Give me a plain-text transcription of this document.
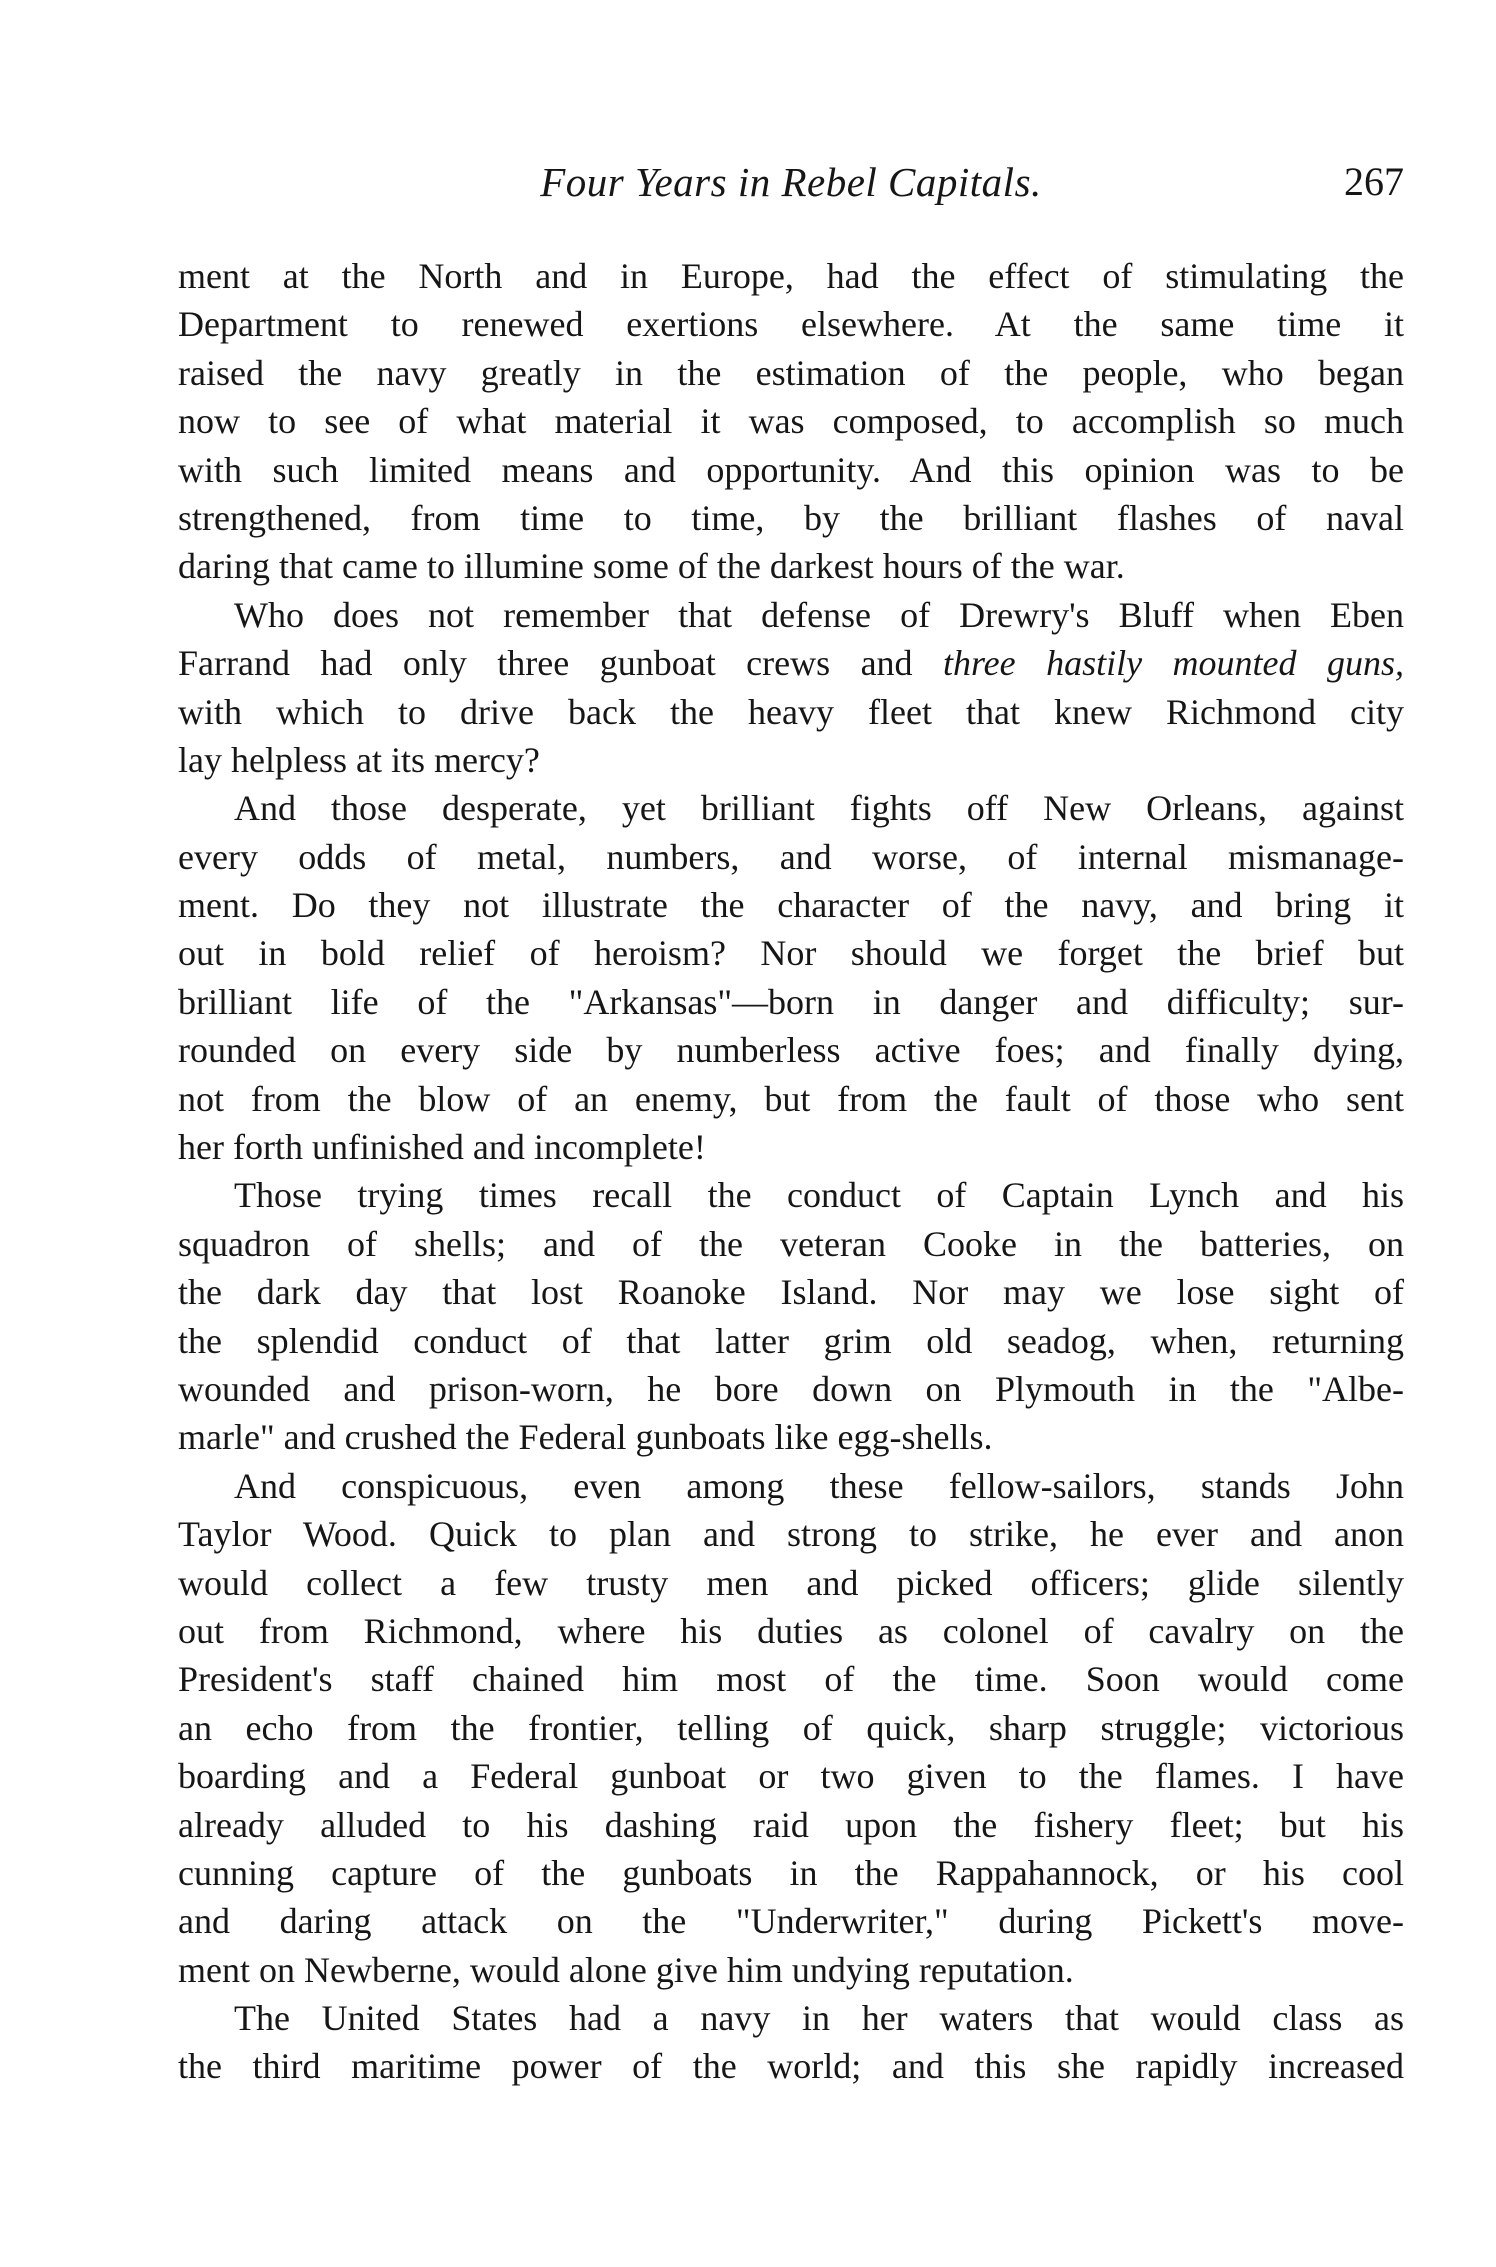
Four Years in Rebel Capitals.	267
ment at the North and in Europe, had the effect of stimulating the
Department to renewed exertions elsewhere. At the same time it
raised the navy greatly in the estimation of the people, who began
now to see of what material it was composed, to accomplish so much
with such limited means and opportunity. And this opinion was to be
strengthened, from time to time, by the brilliant flashes of naval
daring that came to illumine some of the darkest hours of the war.
Who does not remember that defense of Drewry's Bluff when Eben
Farrand had only three gunboat crews and three hastily mounted guns,
with which to drive back the heavy fleet that knew Richmond city
lay helpless at its mercy?
And those desperate, yet brilliant fights off New Orleans, against
every odds of metal, numbers, and worse, of internal mismanage-
ment. Do they not illustrate the character of the navy, and bring it
out in bold relief of heroism? Nor should we forget the brief but
brilliant life of the "Arkansas"—born in danger and difficulty; sur-
rounded on every side by numberless active foes; and finally dying,
not from the blow of an enemy, but from the fault of those who sent
her forth unfinished and incomplete!
Those trying times recall the conduct of Captain Lynch and his
squadron of shells; and of the veteran Cooke in the batteries, on
the dark day that lost Roanoke Island. Nor may we lose sight of
the splendid conduct of that latter grim old seadog, when, returning
wounded and prison-worn, he bore down on Plymouth in the "Albe-
marle" and crushed the Federal gunboats like egg-shells.
And conspicuous, even among these fellow-sailors, stands John
Taylor Wood. Quick to plan and strong to strike, he ever and anon
would collect a few trusty men and picked officers; glide silently
out from Richmond, where his duties as colonel of cavalry on the
President's staff chained him most of the time. Soon would come
an echo from the frontier, telling of quick, sharp struggle; victorious
boarding and a Federal gunboat or two given to the flames. I have
already alluded to his dashing raid upon the fishery fleet; but his
cunning capture of the gunboats in the Rappahannock, or his cool
and daring attack on the "Underwriter," during Pickett's move-
ment on Newberne, would alone give him undying reputation.
The United States had a navy in her waters that would class as
the third maritime power of the world; and this she rapidly increased
